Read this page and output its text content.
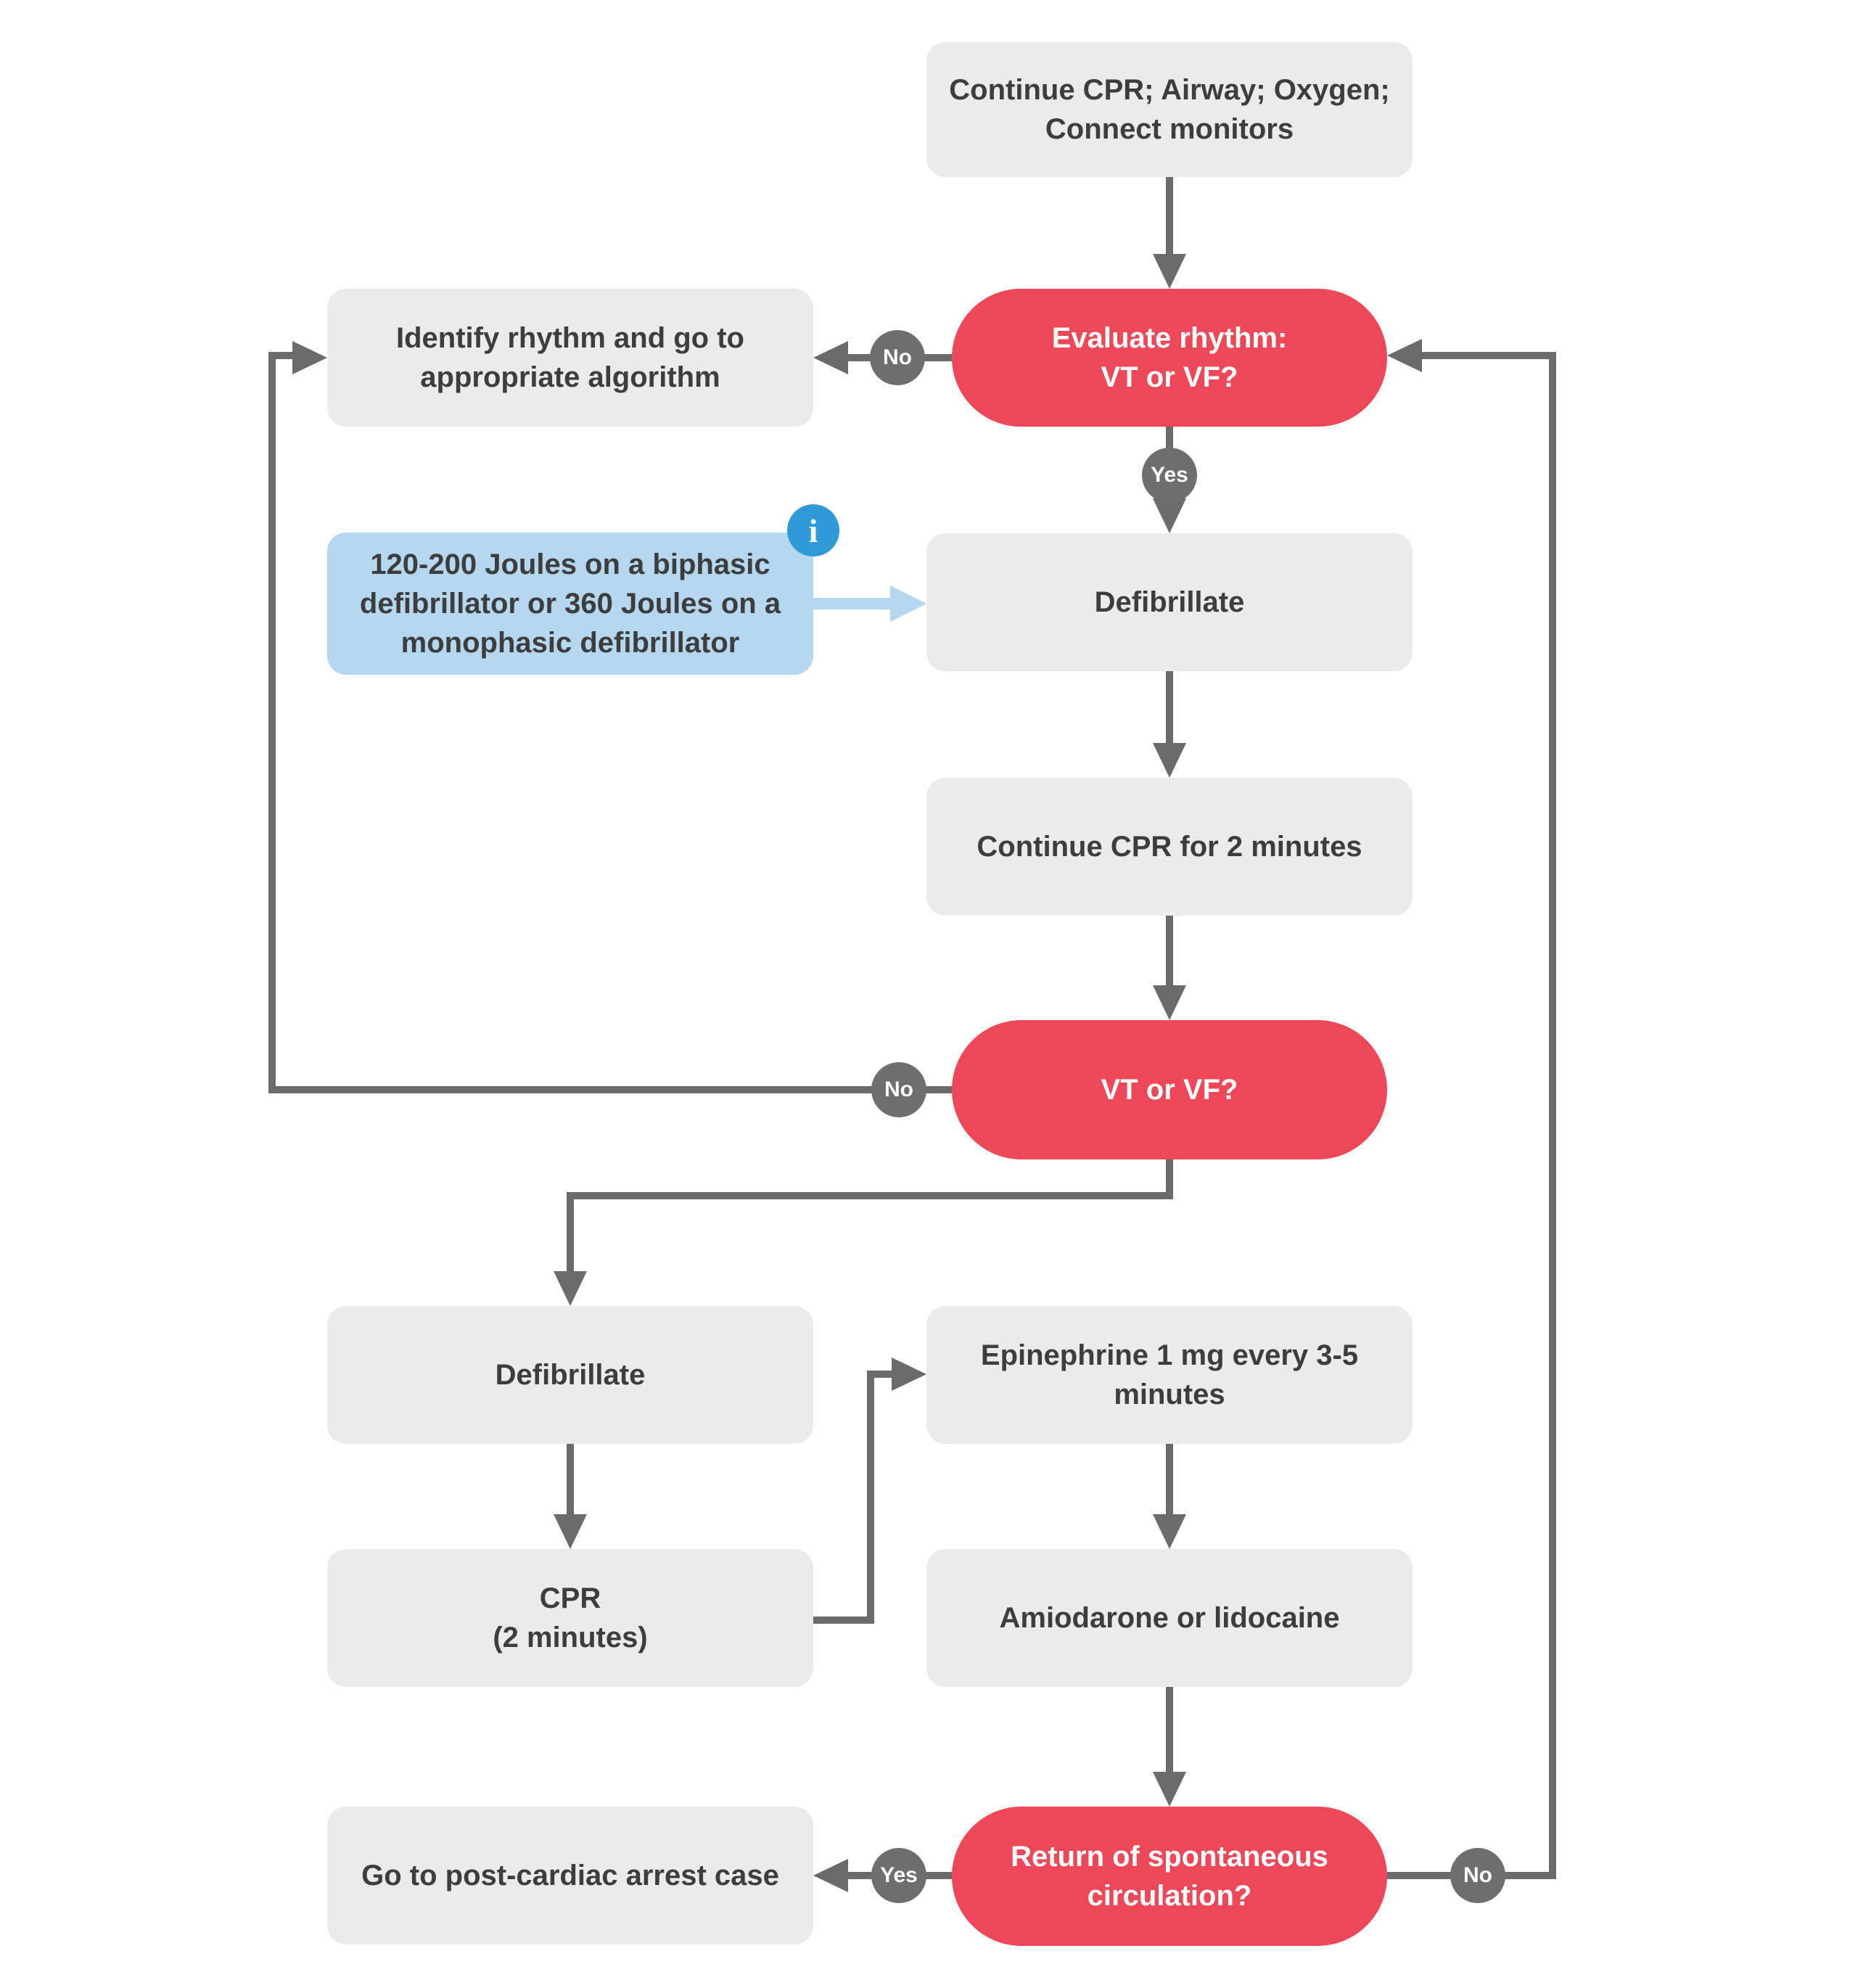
No
Yes
No
Yes	No
Continue CPR; Airway; Oxygen;
Connect monitors
Evaluate rhythm:
VT or VF?
Identify rhythm and go to
appropriate algorithm
120-200 Joules on a biphasic
defibrillator or 360 Joules on a
monophasic defibrillator
i
Defibrillate
Continue CPR for 2 minutes
VT or VF?
Defibrillate
Epinephrine 1 mg every 3-5
minutes
CPR
(2 minutes)
Amiodarone or lidocaine
Return of spontaneous
circulation?
Go to post-cardiac arrest case
